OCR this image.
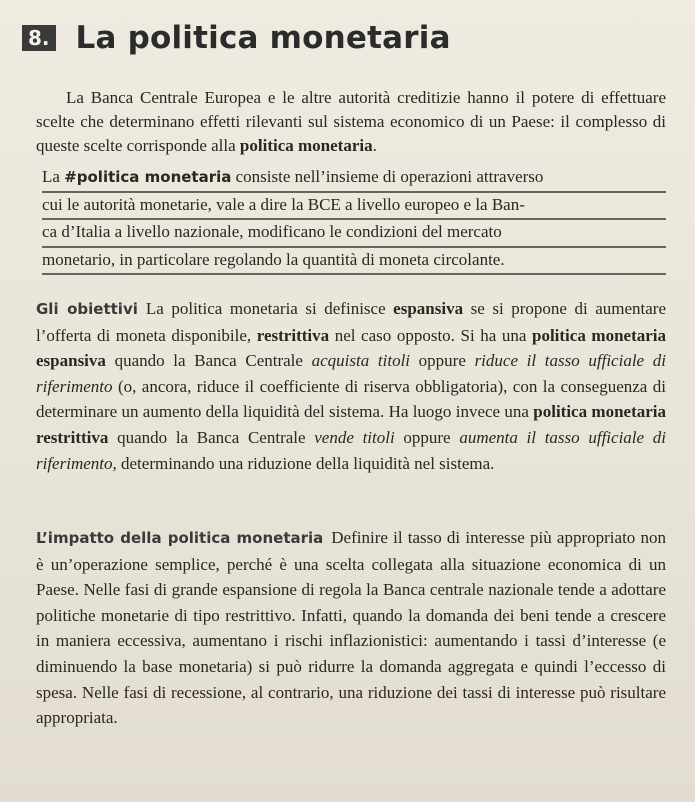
8. La politica monetaria

La Banca Centrale Europea e le altre autorità creditizie hanno il potere di effettuare scelte che determinano effetti rilevanti sul sistema economico di un Paese: il complesso di queste scelte corrisponde alla politica monetaria.

La #politica monetaria consiste nell’insieme di operazioni attraverso
cui le autorità monetarie, vale a dire la BCE a livello europeo e la Ban-
ca d’Italia a livello nazionale, modificano le condizioni del mercato
monetario, in particolare regolando la quantità di moneta circolante.

Gli obiettivi La politica monetaria si definisce espansiva se si propone di aumentare l’offerta di moneta disponibile, restrittiva nel caso opposto. Si ha una politica monetaria espansiva quando la Banca Centrale acquista titoli oppure riduce il tasso ufficiale di riferimento (o, ancora, riduce il coefficiente di riserva obbligatoria), con la conseguenza di determinare un aumento della liquidità del sistema. Ha luogo invece una politica monetaria restrittiva quando la Banca Centrale vende titoli oppure aumenta il tasso ufficiale di riferimento, determinando una riduzione della liquidità nel sistema.

L’impatto della politica monetaria Definire il tasso di interesse più appropriato non è un’operazione semplice, perché è una scelta collegata alla situazione economica di un Paese. Nelle fasi di grande espansione di regola la Banca centrale nazionale tende a adottare politiche monetarie di tipo restrittivo. Infatti, quando la domanda dei beni tende a crescere in maniera eccessiva, aumentano i rischi inflazionistici: aumentando i tassi d’interesse (e diminuendo la base monetaria) si può ridurre la domanda aggregata e quindi l’eccesso di spesa. Nelle fasi di recessione, al contrario, una riduzione dei tassi di interesse può risultare appropriata.
